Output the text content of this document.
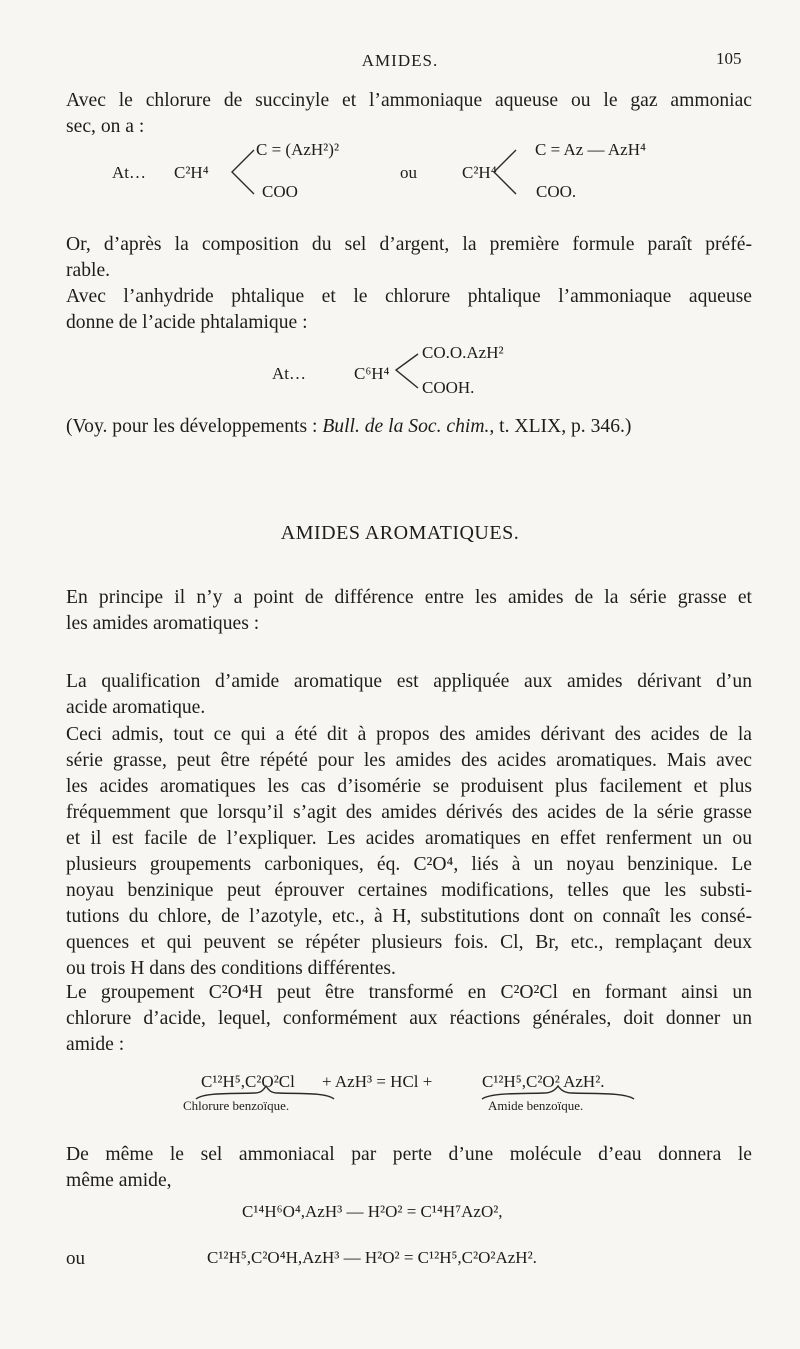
AMIDES.	105
Avec le chlorure de succinyle et l’ammoniaque aqueuse ou le gaz ammoniac
sec, on a :
At… C²H⁴
C = (AzH²)²
COO
ou	C²H⁴
C = Az — AzH⁴
COO.
Or, d’après la composition du sel d’argent, la première formule paraît préfé-
rable.
Avec l’anhydride phtalique et le chlorure phtalique l’ammoniaque aqueuse
donne de l’acide phtalamique :
At…	C⁶H⁴
CO.O.AzH²
COOH.
(Voy. pour les développements : Bull. de la Soc. chim., t. XLIX, p. 346.)
AMIDES AROMATIQUES.
En principe il n’y a point de différence entre les amides de la série grasse et
les amides aromatiques :
La qualification d’amide aromatique est appliquée aux amides dérivant d’un
acide aromatique.
Ceci admis, tout ce qui a été dit à propos des amides dérivant des acides de la
série grasse, peut être répété pour les amides des acides aromatiques. Mais avec
les acides aromatiques les cas d’isomérie se produisent plus facilement et plus
fréquemment que lorsqu’il s’agit des amides dérivés des acides de la série grasse
et il est facile de l’expliquer. Les acides aromatiques en effet renferment un ou
plusieurs groupements carboniques, éq. C²O⁴, liés à un noyau benzinique. Le
noyau benzinique peut éprouver certaines modifications, telles que les substi-
tutions du chlore, de l’azotyle, etc., à H, substitutions dont on connaît les consé-
quences et qui peuvent se répéter plusieurs fois. Cl, Br, etc., remplaçant deux
ou trois H dans des conditions différentes.
Le groupement C²O⁴H peut être transformé en C²O²Cl en formant ainsi un
chlorure d’acide, lequel, conformément aux réactions générales, doit donner un
amide :
C¹²H⁵,C²O²Cl + AzH³ = HCl +	C¹²H⁵,C²O² AzH².
Chlorure benzoïque.	Amide benzoïque.
De même le sel ammoniacal par perte d’une molécule d’eau donnera le
même amide,
C¹⁴H⁶O⁴,AzH³ — H²O² = C¹⁴H⁷AzO²,
ou	C¹²H⁵,C²O⁴H,AzH³ — H²O² = C¹²H⁵,C²O²AzH².
